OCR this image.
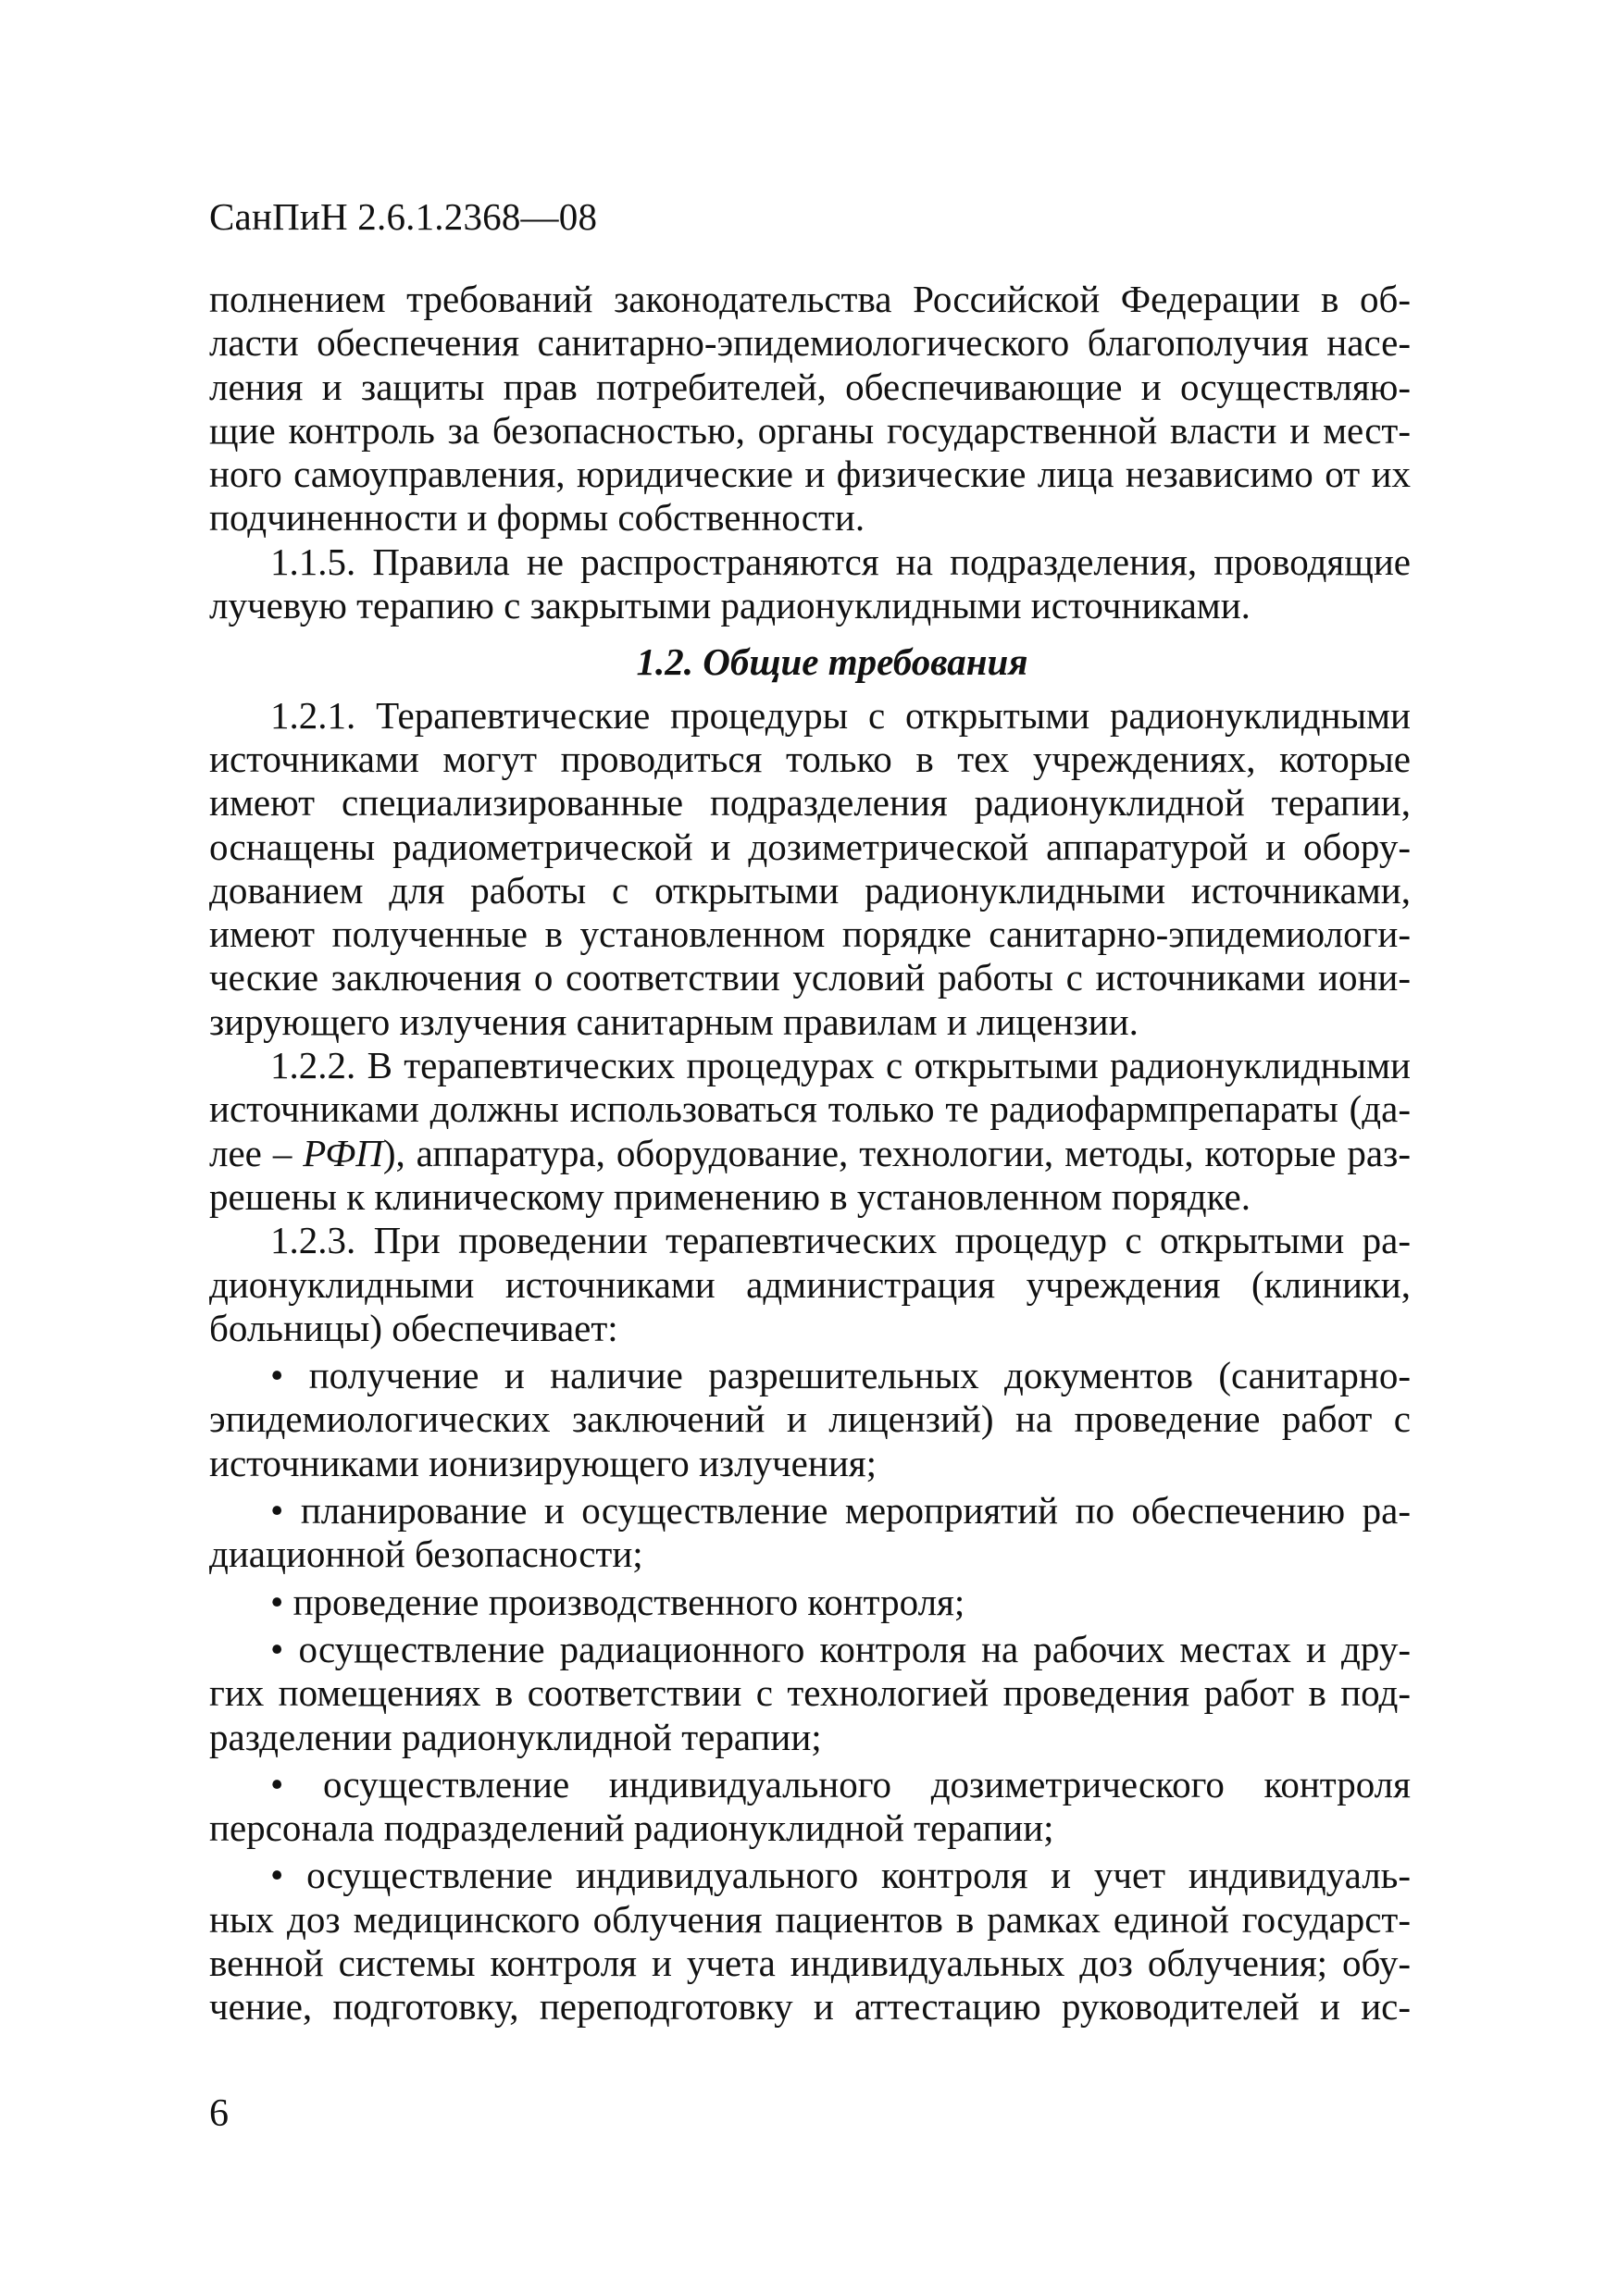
СанПиН 2.6.1.2368—08
полнением требований законодательства Российской Федерации в об-
ласти обеспечения санитарно-эпидемиологического благополучия насе-
ления и защиты прав потребителей, обеспечивающие и осуществляю-
щие контроль за безопасностью, органы государственной власти и мест-
ного самоуправления, юридические и физические лица независимо от их
подчиненности и формы собственности.
1.1.5. Правила не распространяются на подразделения, проводящие
лучевую терапию с закрытыми радионуклидными источниками.
1.2. Общие требования
1.2.1. Терапевтические процедуры с открытыми радионуклидными
источниками могут проводиться только в тех учреждениях, которые
имеют специализированные подразделения радионуклидной терапии,
оснащены радиометрической и дозиметрической аппаратурой и обору-
дованием для работы с открытыми радионуклидными источниками,
имеют полученные в установленном порядке санитарно-эпидемиологи-
ческие заключения о соответствии условий работы с источниками иони-
зирующего излучения санитарным правилам и лицензии.
1.2.2. В терапевтических процедурах с открытыми радионуклидными
источниками должны использоваться только те радиофармпрепараты (да-
лее – РФП), аппаратура, оборудование, технологии, методы, которые раз-
решены к клиническому применению в установленном порядке.
1.2.3. При проведении терапевтических процедур с открытыми ра-
дионуклидными источниками администрация учреждения (клиники,
больницы) обеспечивает:
• получение и наличие разрешительных документов (санитарно-
эпидемиологических заключений и лицензий) на проведение работ с
источниками ионизирующего излучения;
• планирование и осуществление мероприятий по обеспечению ра-
диационной безопасности;
• проведение производственного контроля;
• осуществление радиационного контроля на рабочих местах и дру-
гих помещениях в соответствии с технологией проведения работ в под-
разделении радионуклидной терапии;
• осуществление индивидуального дозиметрического контроля
персонала подразделений радионуклидной терапии;
• осуществление индивидуального контроля и учет индивидуаль-
ных доз медицинского облучения пациентов в рамках единой государст-
венной системы контроля и учета индивидуальных доз облучения; обу-
чение, подготовку, переподготовку и аттестацию руководителей и ис-
6
